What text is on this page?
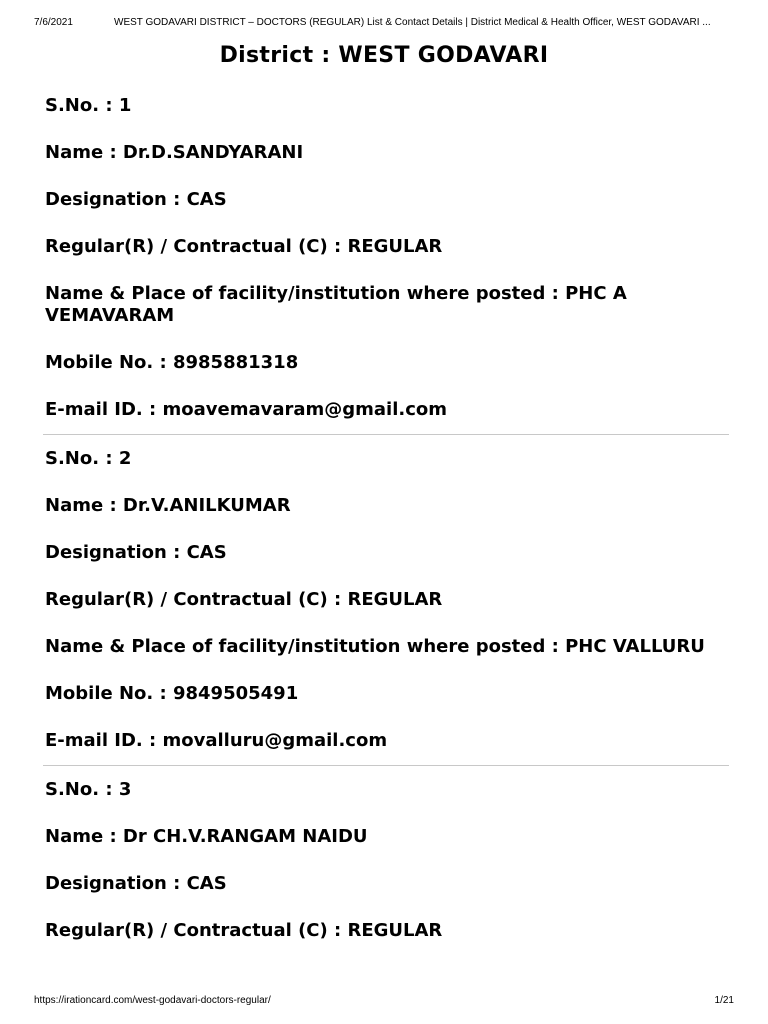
7/6/2021	WEST GODAVARI DISTRICT – DOCTORS (REGULAR) List & Contact Details | District Medical & Health Officer, WEST GODAVARI ...
District : WEST GODAVARI
S.No. : 1
Name : Dr.D.SANDYARANI
Designation : CAS
Regular(R) / Contractual (C) : REGULAR
Name & Place of facility/institution where posted : PHC A VEMAVARAM
Mobile No. : 8985881318
E-mail ID. : moavemavaram@gmail.com
S.No. : 2
Name : Dr.V.ANILKUMAR
Designation : CAS
Regular(R) / Contractual (C) : REGULAR
Name & Place of facility/institution where posted : PHC VALLURU
Mobile No. : 9849505491
E-mail ID. : movalluru@gmail.com
S.No. : 3
Name : Dr CH.V.RANGAM NAIDU
Designation : CAS
Regular(R) / Contractual (C) : REGULAR
https://irationcard.com/west-godavari-doctors-regular/	1/21
